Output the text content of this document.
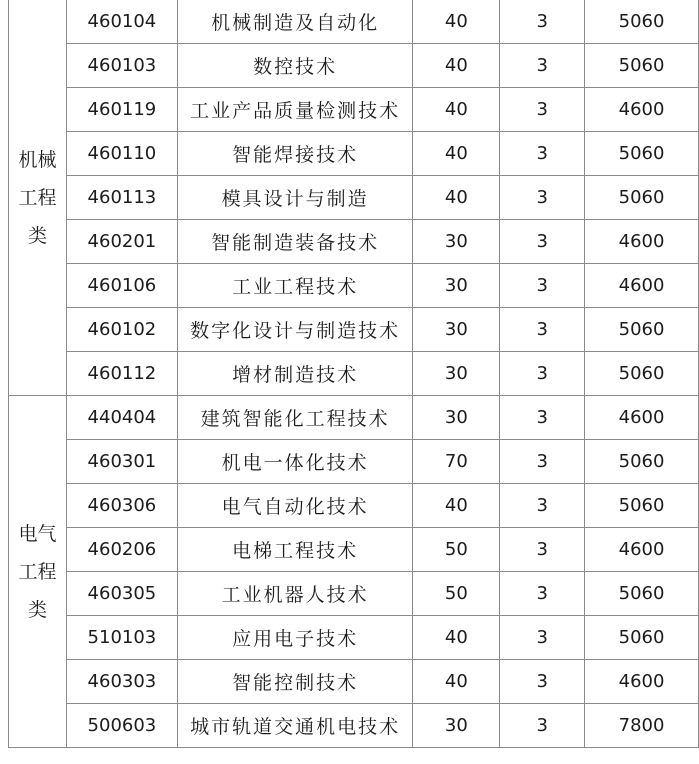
机械工程类	460104	机械制造及自动化	40	3	5060
	460103	数控技术	40	3	5060
	460119	工业产品质量检测技术	40	3	4600
	460110	智能焊接技术	40	3	5060
	460113	模具设计与制造	40	3	5060
	460201	智能制造装备技术	30	3	4600
	460106	工业工程技术	30	3	4600
	460102	数字化设计与制造技术	30	3	5060
	460112	增材制造技术	30	3	5060
电气工程类	440404	建筑智能化工程技术	30	3	4600
	460301	机电一体化技术	70	3	5060
	460306	电气自动化技术	40	3	5060
	460206	电梯工程技术	50	3	4600
	460305	工业机器人技术	50	3	5060
	510103	应用电子技术	40	3	5060
	460303	智能控制技术	40	3	4600
	500603	城市轨道交通机电技术	30	3	7800
